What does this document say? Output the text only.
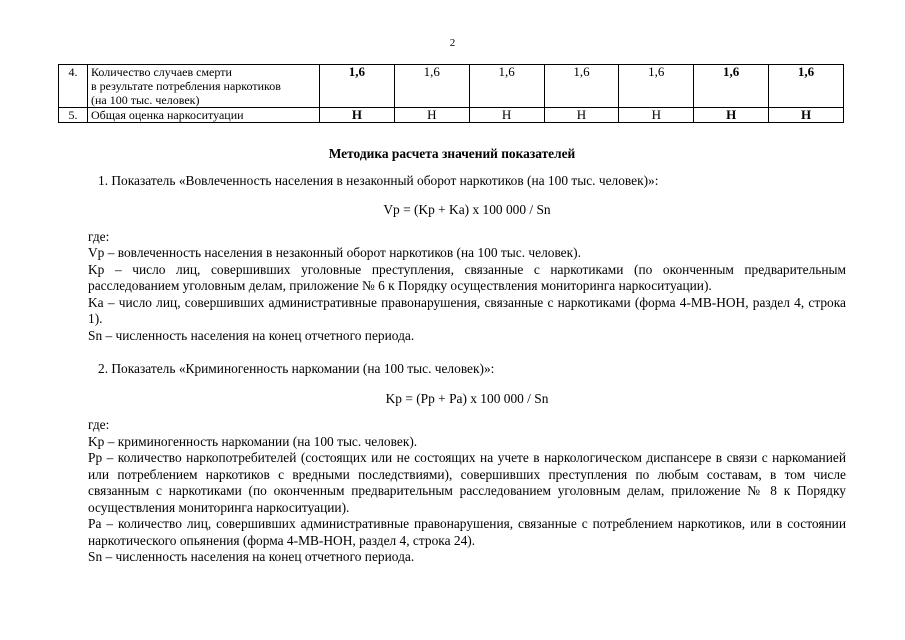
2
4.	Количество случаев смерти
в результате потребления наркотиков
(на 100 тыс. человек)	1,6	1,6	1,6	1,6	1,6	1,6	1,6
5.	Общая оценка наркоситуации	Н	Н	Н	Н	Н	Н	Н
Методика расчета значений показателей
1. Показатель «Вовлеченность населения в незаконный оборот наркотиков (на 100 тыс. человек)»:
Vp = (Kp + Ka) x 100 000 / Sn
где:
Vp – вовлеченность населения в незаконный оборот наркотиков (на 100 тыс. человек).
Kp – число лиц, совершивших уголовные преступления, связанные с наркотиками (по оконченным предварительным расследованием уголовным делам, приложение № 6 к Порядку осуществления мониторинга наркоситуации).
Ka – число лиц, совершивших административные правонарушения, связанные с наркотиками (форма 4-МВ-НОН, раздел 4, строка 1).
Sn – численность населения на конец отчетного периода.
2. Показатель «Криминогенность наркомании (на 100 тыс. человек)»:
Kp = (Pp + Pa) x 100 000 / Sn
где:
Kp – криминогенность наркомании (на 100 тыс. человек).
Pp – количество наркопотребителей (состоящих или не состоящих на учете в наркологическом диспансере в связи с наркоманией или потреблением наркотиков с вредными последствиями), совершивших преступления по любым составам, в том числе связанным с наркотиками (по оконченным предварительным расследованием уголовным делам, приложение № 8 к Порядку осуществления мониторинга наркоситуации).
Pa – количество лиц, совершивших административные правонарушения, связанные с потреблением наркотиков, или в состоянии наркотического опьянения (форма 4-МВ-НОН, раздел 4, строка 24).
Sn – численность населения на конец отчетного периода.
